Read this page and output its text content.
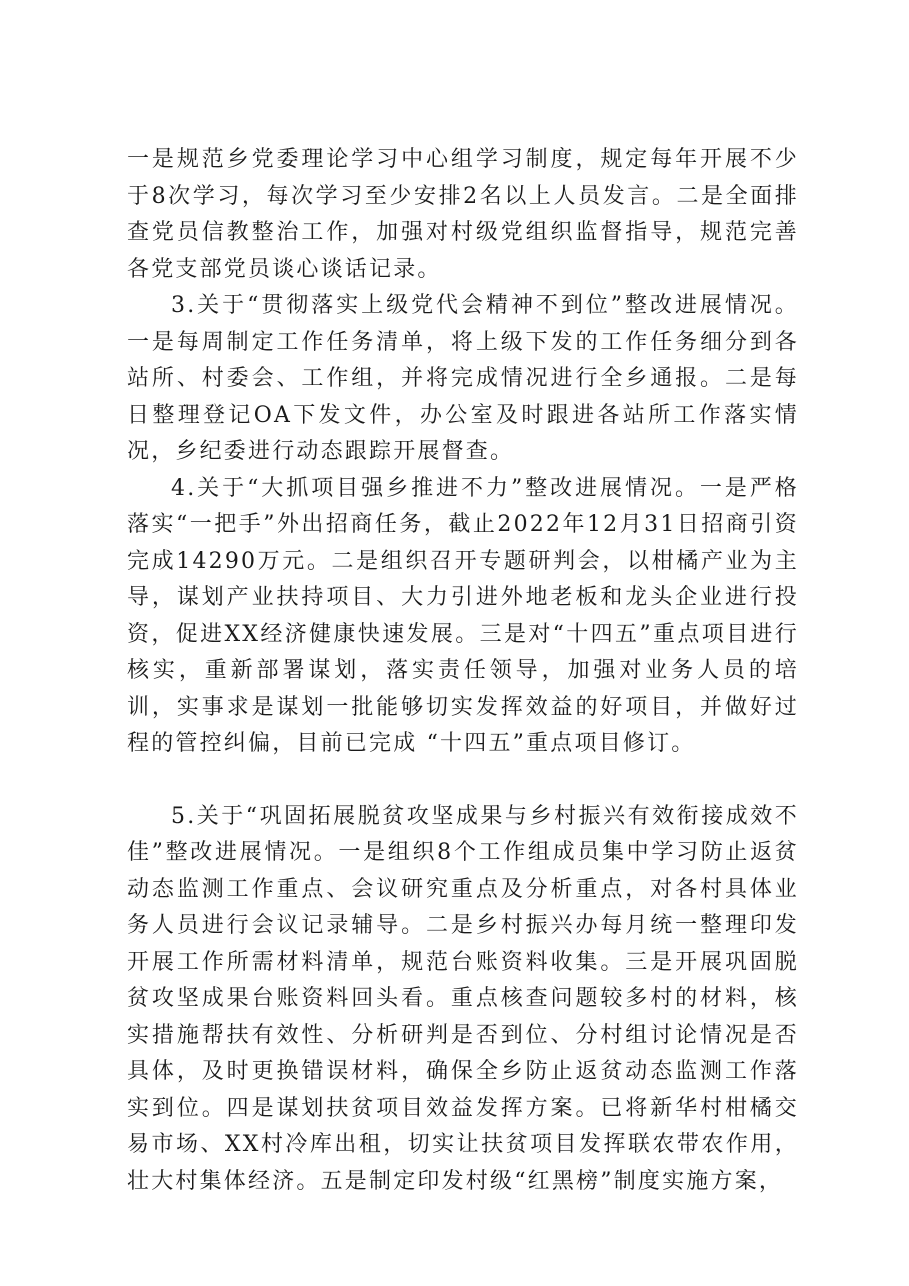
一是规范乡党委理论学习中心组学习制度，规定每年开展不少于8次学习，每次学习至少安排2名以上人员发言。二是全面排查党员信教整治工作，加强对村级党组织监督指导，规范完善各党支部党员谈心谈话记录。

3.关于“贯彻落实上级党代会精神不到位”整改进展情况。一是每周制定工作任务清单，将上级下发的工作任务细分到各站所、村委会、工作组，并将完成情况进行全乡通报。二是每日整理登记OA下发文件，办公室及时跟进各站所工作落实情况，乡纪委进行动态跟踪开展督查。

4.关于“大抓项目强乡推进不力”整改进展情况。一是严格落实“一把手”外出招商任务，截止2022年12月31日招商引资完成14290万元。二是组织召开专题研判会，以柑橘产业为主导，谋划产业扶持项目、大力引进外地老板和龙头企业进行投资，促进XX经济健康快速发展。三是对“十四五”重点项目进行核实，重新部署谋划，落实责任领导，加强对业务人员的培训，实事求是谋划一批能够切实发挥效益的好项目，并做好过程的管控纠偏，目前已完成 “十四五”重点项目修订。

5.关于“巩固拓展脱贫攻坚成果与乡村振兴有效衔接成效不佳”整改进展情况。一是组织8个工作组成员集中学习防止返贫动态监测工作重点、会议研究重点及分析重点，对各村具体业务人员进行会议记录辅导。二是乡村振兴办每月统一整理印发开展工作所需材料清单，规范台账资料收集。三是开展巩固脱贫攻坚成果台账资料回头看。重点核查问题较多村的材料，核实措施帮扶有效性、分析研判是否到位、分村组讨论情况是否具体，及时更换错误材料，确保全乡防止返贫动态监测工作落实到位。四是谋划扶贫项目效益发挥方案。已将新华村柑橘交易市场、XX村冷库出租，切实让扶贫项目发挥联农带农作用，壮大村集体经济。五是制定印发村级“红黑榜”制度实施方案，
